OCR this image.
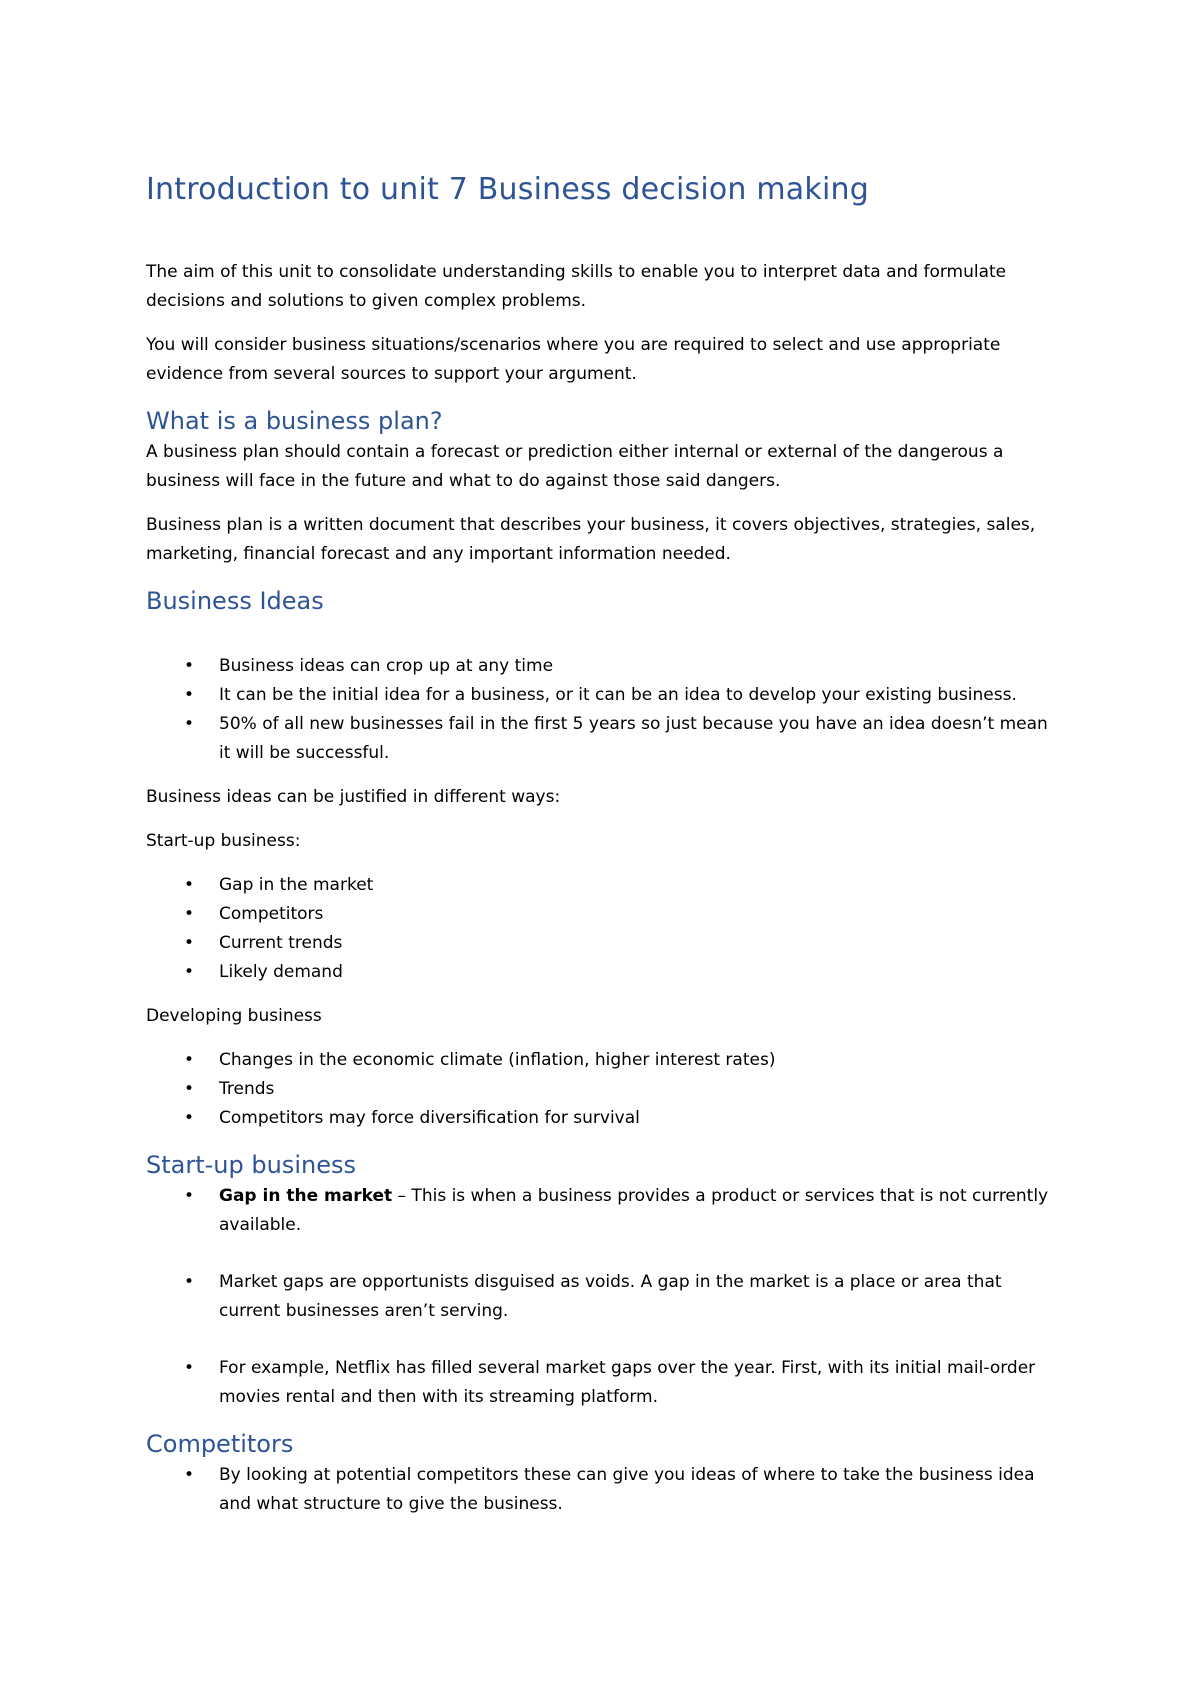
Introduction to unit 7 Business decision making

The aim of this unit to consolidate understanding skills to enable you to interpret data and formulate decisions and solutions to given complex problems.

You will consider business situations/scenarios where you are required to select and use appropriate evidence from several sources to support your argument.

What is a business plan?

A business plan should contain a forecast or prediction either internal or external of the dangerous a business will face in the future and what to do against those said dangers.

Business plan is a written document that describes your business, it covers objectives, strategies, sales, marketing, financial forecast and any important information needed.

Business Ideas
• Business ideas can crop up at any time
• It can be the initial idea for a business, or it can be an idea to develop your existing business.
• 50% of all new businesses fail in the first 5 years so just because you have an idea doesn’t mean it will be successful.

Business ideas can be justified in different ways:

Start-up business:

• Gap in the market
• Competitors
• Current trends
• Likely demand

Developing business

• Changes in the economic climate (inflation, higher interest rates)
• Trends
• Competitors may force diversification for survival
Start-up business
• Gap in the market – This is when a business provides a product or services that is not currently available.
• Market gaps are opportunists disguised as voids. A gap in the market is a place or area that current businesses aren’t serving.
• For example, Netflix has filled several market gaps over the year. First, with its initial mail-order movies rental and then with its streaming platform.
Competitors
• By looking at potential competitors these can give you ideas of where to take the business idea and what structure to give the business.
